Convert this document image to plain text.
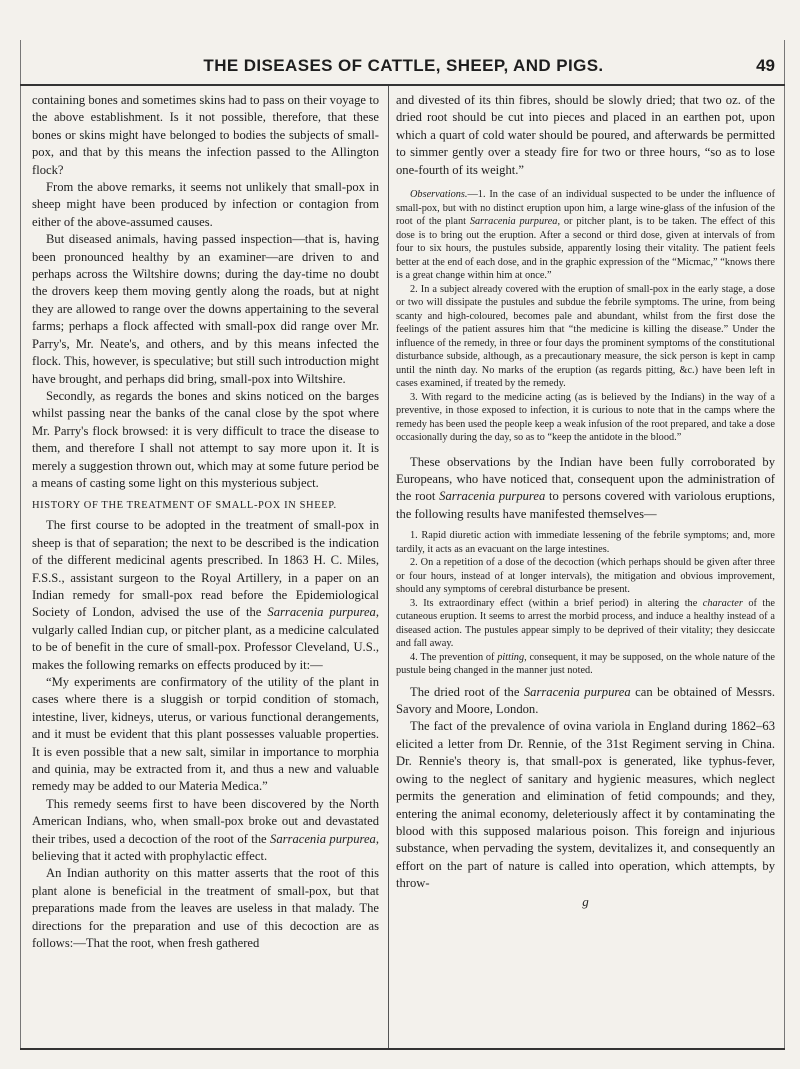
THE DISEASES OF CATTLE, SHEEP, AND PIGS.	49

containing bones and sometimes skins had to pass on their voyage to the above establishment. Is it not possible, therefore, that these bones or skins might have belonged to bodies the subjects of small-pox, and that by this means the infection passed to the Allington flock?

From the above remarks, it seems not unlikely that small-pox in sheep might have been produced by infection or contagion from either of the above-assumed causes.

But diseased animals, having passed inspection—that is, having been pronounced healthy by an examiner—are driven to and perhaps across the Wiltshire downs; during the day-time no doubt the drovers keep them moving gently along the roads, but at night they are allowed to range over the downs appertaining to the several farms; perhaps a flock affected with small-pox did range over Mr. Parry's, Mr. Neate's, and others, and by this means infected the flock. This, however, is speculative; but still such introduction might have brought, and perhaps did bring, small-pox into Wiltshire.

Secondly, as regards the bones and skins noticed on the barges whilst passing near the banks of the canal close by the spot where Mr. Parry's flock browsed: it is very difficult to trace the disease to them, and therefore I shall not attempt to say more upon it. It is merely a suggestion thrown out, which may at some future period be a means of casting some light on this mysterious subject.

HISTORY OF THE TREATMENT OF SMALL-POX IN SHEEP.

The first course to be adopted in the treatment of small-pox in sheep is that of separation; the next to be described is the indication of the different medicinal agents prescribed. In 1863 H. C. Miles, F.S.S., assistant surgeon to the Royal Artillery, in a paper on an Indian remedy for small-pox read before the Epidemiological Society of London, advised the use of the Sarracenia purpurea, vulgarly called Indian cup, or pitcher plant, as a medicine calculated to be of benefit in the cure of small-pox. Professor Cleveland, U.S., makes the following remarks on effects produced by it:—

“My experiments are confirmatory of the utility of the plant in cases where there is a sluggish or torpid condition of stomach, intestine, liver, kidneys, uterus, or various functional derangements, and it must be evident that this plant possesses valuable properties. It is even possible that a new salt, similar in importance to morphia and quinia, may be extracted from it, and thus a new and valuable remedy may be added to our Materia Medica.”

This remedy seems first to have been discovered by the North American Indians, who, when small-pox broke out and devastated their tribes, used a decoction of the root of the Sarracenia purpurea, believing that it acted with prophylactic effect.

An Indian authority on this matter asserts that the root of this plant alone is beneficial in the treatment of small-pox, but that preparations made from the leaves are useless in that malady. The directions for the preparation and use of this decoction are as follows:—That the root, when fresh gathered

and divested of its thin fibres, should be slowly dried; that two oz. of the dried root should be cut into pieces and placed in an earthen pot, upon which a quart of cold water should be poured, and afterwards be permitted to simmer gently over a steady fire for two or three hours, “so as to lose one-fourth of its weight.”

Observations.—1. In the case of an individual suspected to be under the influence of small-pox, but with no distinct eruption upon him, a large wine-glass of the infusion of the root of the plant Sarracenia purpurea, or pitcher plant, is to be taken. The effect of this dose is to bring out the eruption. After a second or third dose, given at intervals of from four to six hours, the pustules subside, apparently losing their vitality. The patient feels better at the end of each dose, and in the graphic expression of the “Micmac,” “knows there is a great change within him at once.”

2. In a subject already covered with the eruption of small-pox in the early stage, a dose or two will dissipate the pustules and subdue the febrile symptoms. The urine, from being scanty and high-coloured, becomes pale and abundant, whilst from the first dose the feelings of the patient assures him that “the medicine is killing the disease.” Under the influence of the remedy, in three or four days the prominent symptoms of the constitutional disturbance subside, although, as a precautionary measure, the sick person is kept in camp until the ninth day. No marks of the eruption (as regards pitting, &c.) have been left in cases examined, if treated by the remedy.

3. With regard to the medicine acting (as is believed by the Indians) in the way of a preventive, in those exposed to infection, it is curious to note that in the camps where the remedy has been used the people keep a weak infusion of the root prepared, and take a dose occasionally during the day, so as to “keep the antidote in the blood.”

These observations by the Indian have been fully corroborated by Europeans, who have noticed that, consequent upon the administration of the root Sarracenia purpurea to persons covered with variolous eruptions, the following results have manifested themselves—

1. Rapid diuretic action with immediate lessening of the febrile symptoms; and, more tardily, it acts as an evacuant on the large intestines.

2. On a repetition of a dose of the decoction (which perhaps should be given after three or four hours, instead of at longer intervals), the mitigation and obvious improvement, should any symptoms of cerebral disturbance be present.

3. Its extraordinary effect (within a brief period) in altering the character of the cutaneous eruption. It seems to arrest the morbid process, and induce a healthy instead of a diseased action. The pustules appear simply to be deprived of their vitality; they desiccate and fall away.

4. The prevention of pitting, consequent, it may be supposed, on the whole nature of the pustule being changed in the manner just noted.

The dried root of the Sarracenia purpurea can be obtained of Messrs. Savory and Moore, London.

The fact of the prevalence of ovina variola in England during 1862–63 elicited a letter from Dr. Rennie, of the 31st Regiment serving in China. Dr. Rennie's theory is, that small-pox is generated, like typhus-fever, owing to the neglect of sanitary and hygienic measures, which neglect permits the generation and elimination of fetid compounds; and they, entering the animal economy, deleteriously affect it by contaminating the blood with this supposed malarious poison. This foreign and injurious substance, when pervading the system, devitalizes it, and consequently an effort on the part of nature is called into operation, which attempts, by throw-

g
